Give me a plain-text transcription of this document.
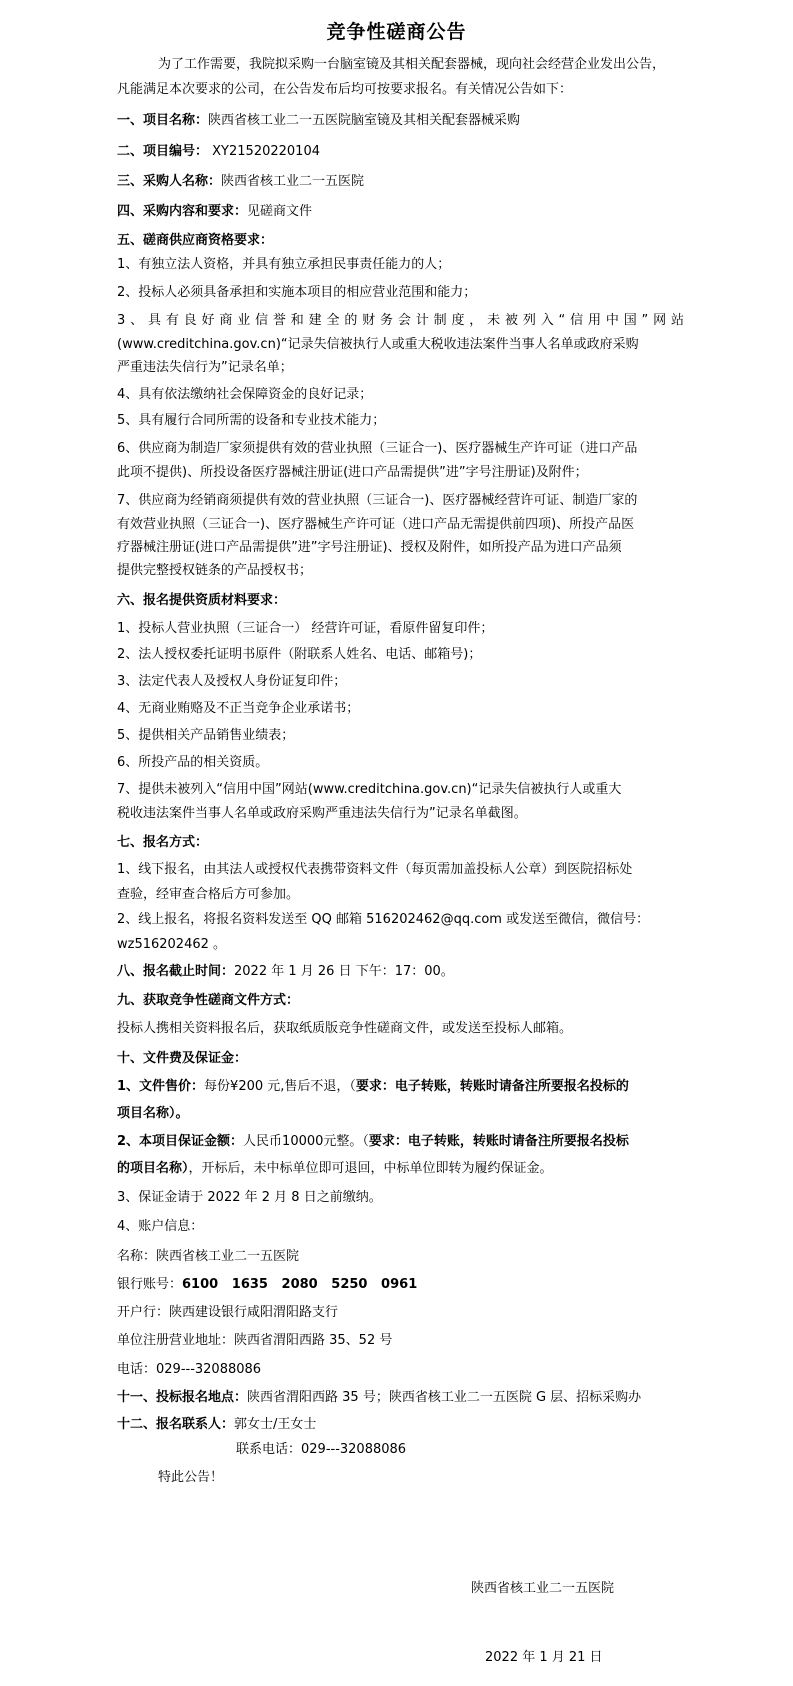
竞争性磋商公告
为了工作需要，我院拟采购一台脑室镜及其相关配套器械，现向社会经营企业发出公告，
凡能满足本次要求的公司，在公告发布后均可按要求报名。有关情况公告如下：
一、项目名称：陕西省核工业二一五医院脑室镜及其相关配套器械采购
二、项目编号： XY21520220104
三、采购人名称：陕西省核工业二一五医院
四、采购内容和要求：见磋商文件
五、磋商供应商资格要求：
1、有独立法人资格，并具有独立承担民事责任能力的人；
2、投标人必须具备承担和实施本项目的相应营业范围和能力；
3、具有良好商业信誉和建全的财务会计制度，未被列入“信用中国”网站
(www.creditchina.gov.cn)“记录失信被执行人或重大税收违法案件当事人名单或政府采购
严重违法失信行为”记录名单；
4、具有依法缴纳社会保障资金的良好记录；
5、具有履行合同所需的设备和专业技术能力；
6、供应商为制造厂家须提供有效的营业执照（三证合一)、医疗器械生产许可证（进口产品
此项不提供)、所投设备医疗器械注册证(进口产品需提供”进”字号注册证)及附件；
7、供应商为经销商须提供有效的营业执照（三证合一)、医疗器械经营许可证、制造厂家的
有效营业执照（三证合一)、医疗器械生产许可证（进口产品无需提供前四项)、所投产品医
疗器械注册证(进口产品需提供”进”字号注册证)、授权及附件，如所投产品为进口产品须
提供完整授权链条的产品授权书；
六、报名提供资质材料要求：
1、投标人营业执照（三证合一） 经营许可证，看原件留复印件；
2、法人授权委托证明书原件（附联系人姓名、电话、邮箱号)；
3、法定代表人及授权人身份证复印件；
4、无商业贿赂及不正当竞争企业承诺书；
5、提供相关产品销售业绩表；
6、所投产品的相关资质。
7、提供未被列入“信用中国”网站(www.creditchina.gov.cn)“记录失信被执行人或重大
税收违法案件当事人名单或政府采购严重违法失信行为”记录名单截图。
七、报名方式：
1、线下报名，由其法人或授权代表携带资料文件（每页需加盖投标人公章）到医院招标处
查验，经审查合格后方可参加。
2、线上报名，将报名资料发送至 QQ 邮箱 516202462@qq.com 或发送至微信，微信号：
wz516202462 。
八、报名截止时间：2022 年 1 月 26 日 下午：17：00。
九、获取竞争性磋商文件方式：
投标人携相关资料报名后，获取纸质版竞争性磋商文件，或发送至投标人邮箱。
十、文件费及保证金：
1、文件售价：每份¥200 元,售后不退，（要求：电子转账，转账时请备注所要报名投标的
项目名称）。
2、本项目保证金额：人民币10000元整。（要求：电子转账，转账时请备注所要报名投标
的项目名称），开标后，未中标单位即可退回，中标单位即转为履约保证金。
3、保证金请于 2022 年 2 月 8 日之前缴纳。
4、账户信息：
名称：陕西省核工业二一五医院
银行账号：6100   1635   2080   5250   0961
开户行：陕西建设银行咸阳渭阳路支行
单位注册营业地址：陕西省渭阳西路 35、52 号
电话：029---32088086
十一、投标报名地点：陕西省渭阳西路 35 号；陕西省核工业二一五医院 G 层、招标采购办
十二、报名联系人：郭女士/王女士
联系电话：029---32088086
特此公告！
陕西省核工业二一五医院
2022 年 1 月 21 日
